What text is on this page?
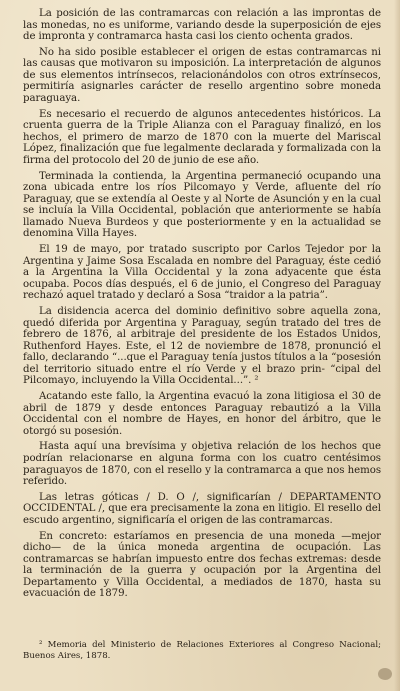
La posición de las contramarcas con relación a las improntas de las monedas, no es uniforme, variando desde la superposición de ejes de impronta y contramarca hasta casi los ciento ochenta grados.

No ha sido posible establecer el origen de estas contramarcas ni las causas que motivaron su imposición. La interpretación de algunos de sus elementos intrínsecos, relacionándolos con otros extrínsecos, permitiría asignarles carácter de resello argentino sobre moneda paraguaya.

Es necesario el recuerdo de algunos antecedentes históricos. La cruenta guerra de la Triple Alianza con el Paraguay finalizó, en los hechos, el primero de marzo de 1870 con la muerte del Mariscal López, finalización que fue legalmente declarada y formalizada con la firma del protocolo del 20 de junio de ese año.

Terminada la contienda, la Argentina permaneció ocupando una zona ubicada entre los ríos Pilcomayo y Verde, afluente del río Paraguay, que se extendía al Oeste y al Norte de Asunción y en la cual se incluía la Villa Occidental, población que anteriormente se había llamado Nueva Burdeos y que posteriormente y en la actualidad se denomina Villa Hayes.

El 19 de mayo, por tratado suscripto por Carlos Tejedor por la Argentina y Jaime Sosa Escalada en nombre del Paraguay, éste cedió a la Argentina la Villa Occidental y la zona adyacente que ésta ocupaba. Pocos días después, el 6 de junio, el Congreso del Paraguay rechazó aquel tratado y declaró a Sosa “traidor a la patria”.

La disidencia acerca del dominio definitivo sobre aquella zona, quedó diferida por Argentina y Paraguay, según tratado del tres de febrero de 1876, al arbitraje del presidente de los Estados Unidos, Ruthenford Hayes. Este, el 12 de noviembre de 1878, pronunció el fallo, declarando “...que el Paraguay tenía justos títulos a la “posesión del territorio situado entre el río Verde y el brazo prin- “cipal del Pilcomayo, incluyendo la Villa Occidental...”. ²

Acatando este fallo, la Argentina evacuó la zona litigiosa el 30 de abril de 1879 y desde entonces Paraguay rebautizó a la Villa Occidental con el nombre de Hayes, en honor del árbitro, que le otorgó su posesión.

Hasta aquí una brevísima y objetiva relación de los hechos que podrían relacionarse en alguna forma con los cuatro centésimos paraguayos de 1870, con el resello y la contramarca a que nos hemos referido.

Las letras góticas / D. O /, significarían / DEPARTAMENTO OCCIDENTAL /, que era precisamente la zona en litigio. El resello del escudo argentino, significaría el origen de las contramarcas.

En concreto: estaríamos en presencia de una moneda —mejor dicho— de la única moneda argentina de ocupación. Las contramarcas se habrían impuesto entre dos fechas extremas: desde la terminación de la guerra y ocupación por la Argentina del Departamento y Villa Occidental, a mediados de 1870, hasta su evacuación de 1879.

² Memoria del Ministerio de Relaciones Exteriores al Congreso Nacional; Buenos Aires, 1878.
